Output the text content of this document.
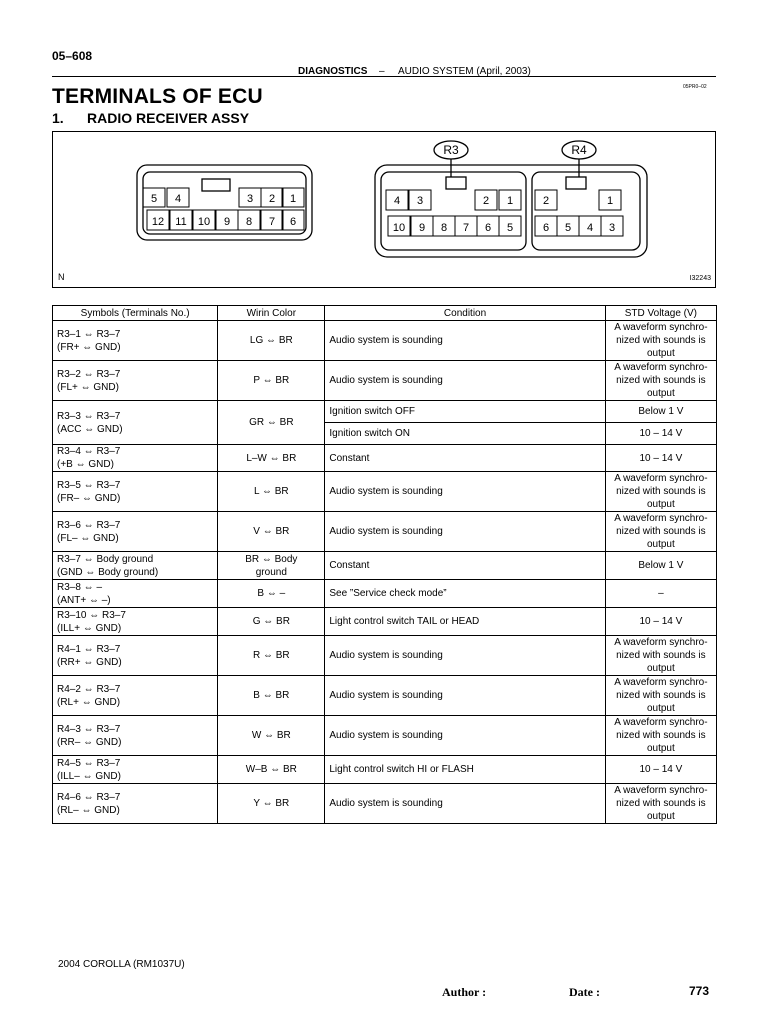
05–608
DIAGNOSTICS – AUDIO SYSTEM (April, 2003)
05PR0–02
TERMINALS OF ECU
1. RADIO RECEIVER ASSY
R3	R4
5 4	3 2 1
12 11 10 9 8 7 6
4 3	2 1
10 9 8 7 6 5
2	1
6 5 4 3
N	I32243
Symbols (Terminals No.)	Wirin Color	Condition	STD Voltage (V)

R3–1 ⇔ R3–7
(FR+ ⇔ GND)	LG ⇔ BR	Audio system is sounding	A waveform synchro-
nized with sounds is
output

R3–2 ⇔ R3–7
(FL+ ⇔ GND)	P ⇔ BR	Audio system is sounding	A waveform synchro-
nized with sounds is
output

R3–3 ⇔ R3–7
(ACC ⇔ GND)	GR ⇔ BR	Ignition switch OFF	Below 1 V

		Ignition switch ON	10 – 14 V

R3–4 ⇔ R3–7
(+B ⇔ GND)	L–W ⇔ BR	Constant	10 – 14 V

R3–5 ⇔ R3–7
(FR– ⇔ GND)	L ⇔ BR	Audio system is sounding	A waveform synchro-
nized with sounds is
output

R3–6 ⇔ R3–7
(FL– ⇔ GND)	V ⇔ BR	Audio system is sounding	A waveform synchro-
nized with sounds is
output

R3–7 ⇔ Body ground
(GND ⇔ Body ground)	BR ⇔ Body
ground	Constant	Below 1 V

R3–8 ⇔ –
(ANT+ ⇔ –)	B ⇔ –	See ”Service check mode”	–

R3–10 ⇔ R3–7
(ILL+ ⇔ GND)	G ⇔ BR	Light control switch TAIL or HEAD	10 – 14 V

R4–1 ⇔ R3–7
(RR+ ⇔ GND)	R ⇔ BR	Audio system is sounding	A waveform synchro-
nized with sounds is
output

R4–2 ⇔ R3–7
(RL+ ⇔ GND)	B ⇔ BR	Audio system is sounding	A waveform synchro-
nized with sounds is
output

R4–3 ⇔ R3–7
(RR– ⇔ GND)	W ⇔ BR	Audio system is sounding	A waveform synchro-
nized with sounds is
output

R4–5 ⇔ R3–7
(ILL– ⇔ GND)	W–B ⇔ BR	Light control switch HI or FLASH	10 – 14 V

R4–6 ⇔ R3–7
(RL– ⇔ GND)	Y ⇔ BR	Audio system is sounding	A waveform synchro-
nized with sounds is
output
2004 COROLLA (RM1037U)
Author :	Date :	773
